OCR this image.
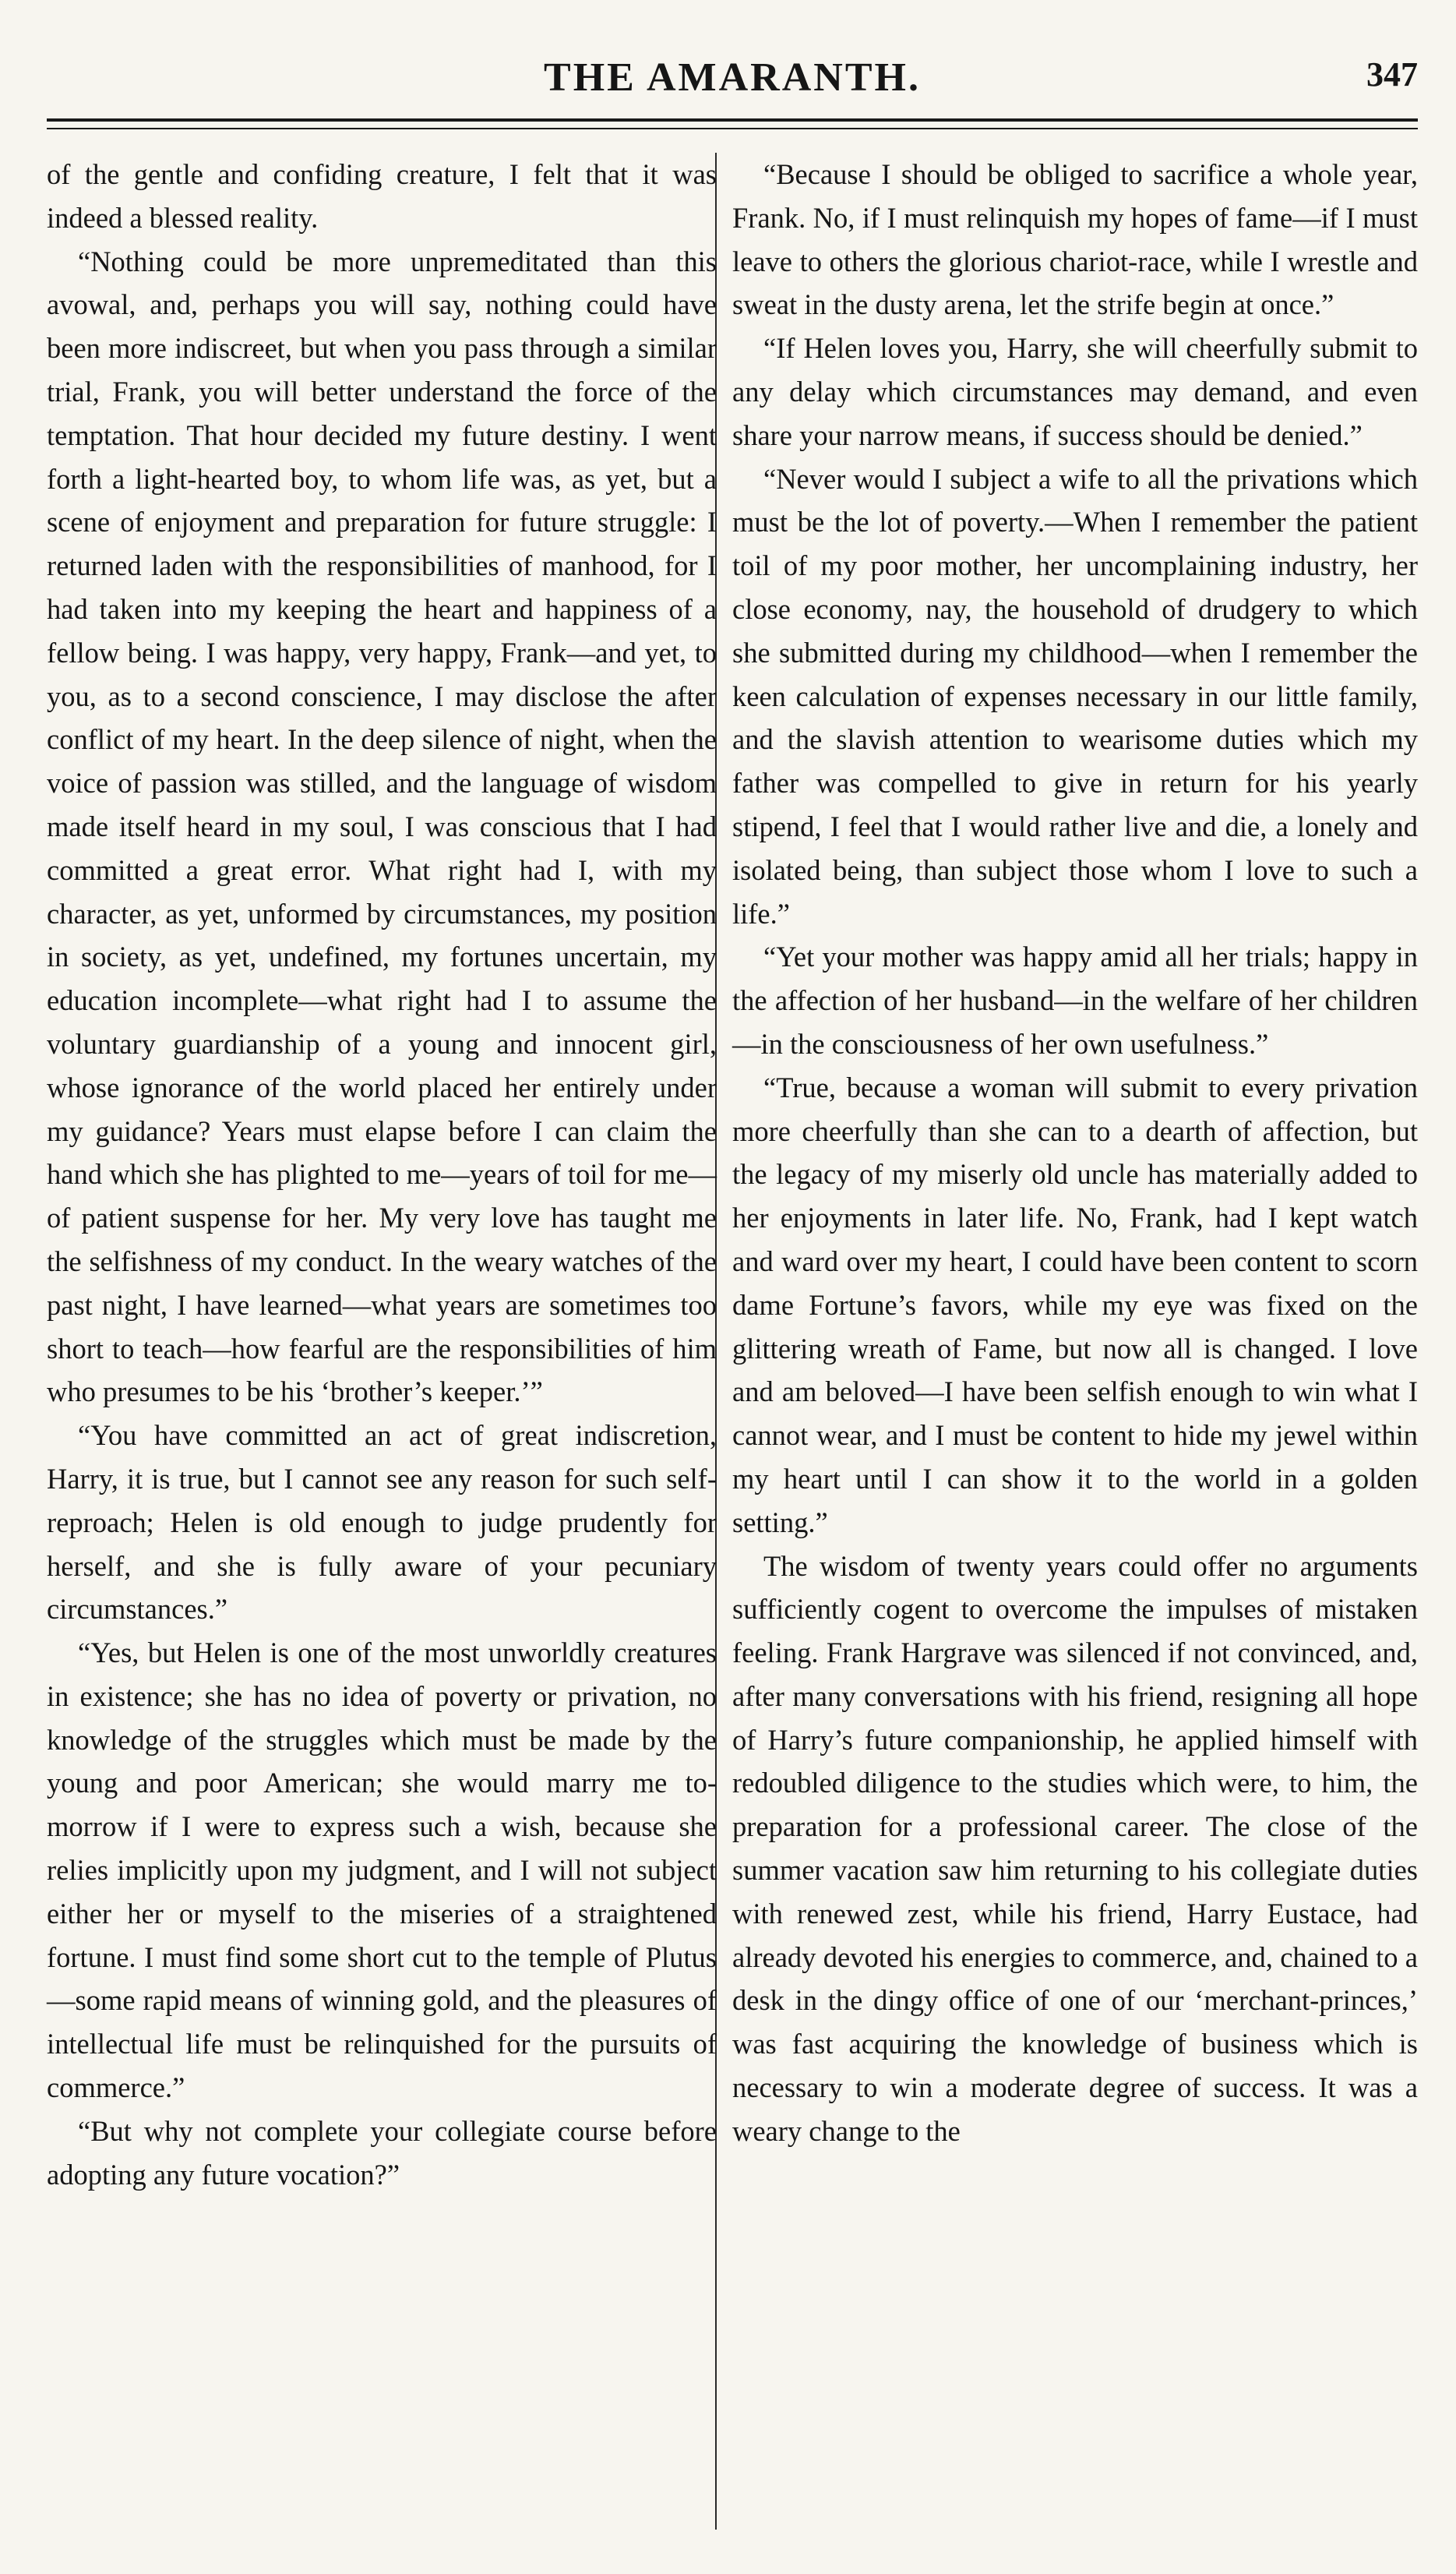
THE AMARANTH.	347

of the gentle and confiding creature, I felt that it was indeed a blessed reality.

“Nothing could be more unpremeditated than this avowal, and, perhaps you will say, nothing could have been more indiscreet, but when you pass through a similar trial, Frank, you will better understand the force of the temptation. That hour decided my future destiny. I went forth a light-hearted boy, to whom life was, as yet, but a scene of enjoyment and preparation for future struggle: I returned laden with the responsibilities of manhood, for I had taken into my keeping the heart and happiness of a fellow being. I was happy, very happy, Frank—and yet, to you, as to a second conscience, I may disclose the after conflict of my heart. In the deep silence of night, when the voice of passion was stilled, and the language of wisdom made itself heard in my soul, I was conscious that I had committed a great error. What right had I, with my character, as yet, unformed by circumstances, my position in society, as yet, undefined, my fortunes uncertain, my education incomplete—what right had I to assume the voluntary guardianship of a young and innocent girl, whose ignorance of the world placed her entirely under my guidance? Years must elapse before I can claim the hand which she has plighted to me—years of toil for me—of patient suspense for her. My very love has taught me the selfishness of my conduct. In the weary watches of the past night, I have learned—what years are sometimes too short to teach—how fearful are the responsibilities of him who presumes to be his ‘brother’s keeper.’”

“You have committed an act of great indiscretion, Harry, it is true, but I cannot see any reason for such self-reproach; Helen is old enough to judge prudently for herself, and she is fully aware of your pecuniary circumstances.”

“Yes, but Helen is one of the most unworldly creatures in existence; she has no idea of poverty or privation, no knowledge of the struggles which must be made by the young and poor American; she would marry me to-morrow if I were to express such a wish, because she relies implicitly upon my judgment, and I will not subject either her or myself to the miseries of a straightened fortune. I must find some short cut to the temple of Plutus—some rapid means of winning gold, and the pleasures of intellectual life must be relinquished for the pursuits of commerce.”

“But why not complete your collegiate course before adopting any future vocation?”

“Because I should be obliged to sacrifice a whole year, Frank. No, if I must relinquish my hopes of fame—if I must leave to others the glorious chariot-race, while I wrestle and sweat in the dusty arena, let the strife begin at once.”

“If Helen loves you, Harry, she will cheerfully submit to any delay which circumstances may demand, and even share your narrow means, if success should be denied.”

“Never would I subject a wife to all the privations which must be the lot of poverty.—When I remember the patient toil of my poor mother, her uncomplaining industry, her close economy, nay, the household of drudgery to which she submitted during my childhood—when I remember the keen calculation of expenses necessary in our little family, and the slavish attention to wearisome duties which my father was compelled to give in return for his yearly stipend, I feel that I would rather live and die, a lonely and isolated being, than subject those whom I love to such a life.”

“Yet your mother was happy amid all her trials; happy in the affection of her husband—in the welfare of her children—in the consciousness of her own usefulness.”

“True, because a woman will submit to every privation more cheerfully than she can to a dearth of affection, but the legacy of my miserly old uncle has materially added to her enjoyments in later life. No, Frank, had I kept watch and ward over my heart, I could have been content to scorn dame Fortune’s favors, while my eye was fixed on the glittering wreath of Fame, but now all is changed. I love and am beloved—I have been selfish enough to win what I cannot wear, and I must be content to hide my jewel within my heart until I can show it to the world in a golden setting.”

The wisdom of twenty years could offer no arguments sufficiently cogent to overcome the impulses of mistaken feeling. Frank Hargrave was silenced if not convinced, and, after many conversations with his friend, resigning all hope of Harry’s future companionship, he applied himself with redoubled diligence to the studies which were, to him, the preparation for a professional career. The close of the summer vacation saw him returning to his collegiate duties with renewed zest, while his friend, Harry Eustace, had already devoted his energies to commerce, and, chained to a desk in the dingy office of one of our ‘merchant-princes,’ was fast acquiring the knowledge of business which is necessary to win a moderate degree of success. It was a weary change to the
